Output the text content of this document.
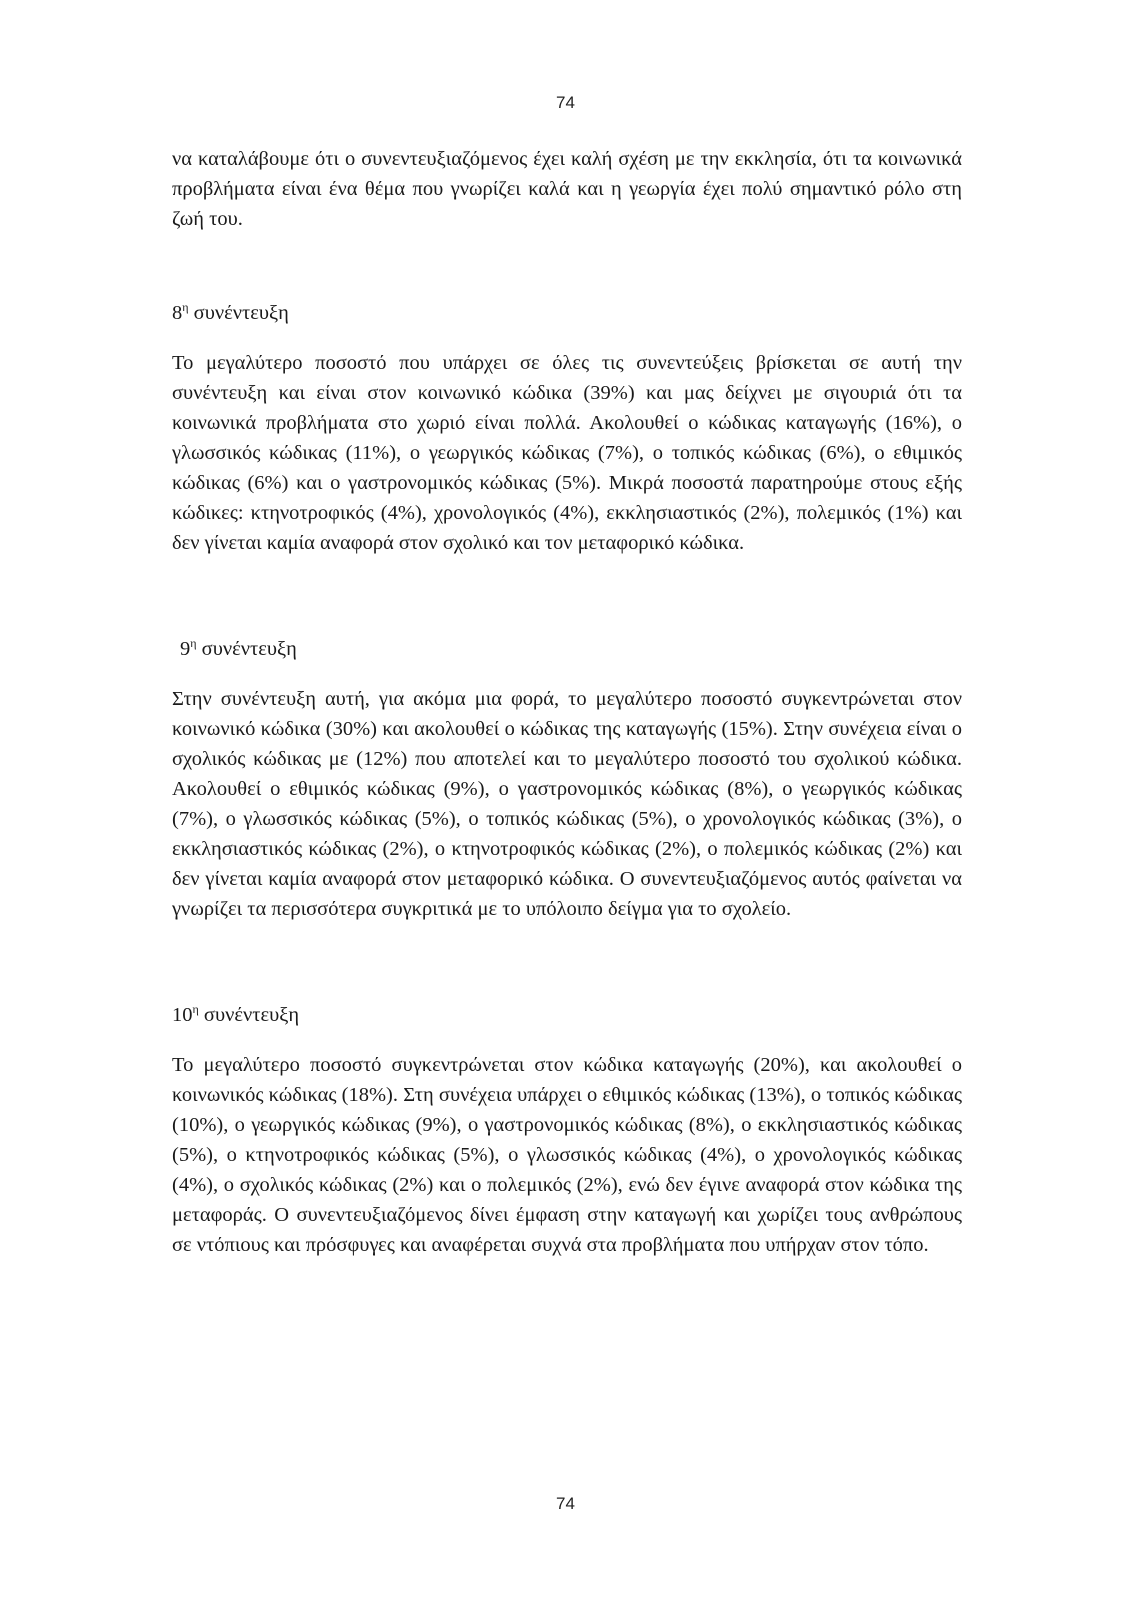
74

να καταλάβουμε ότι ο συνεντευξιαζόμενος έχει καλή σχέση με την εκκλησία, ότι τα κοινωνικά προβλήματα είναι ένα θέμα που γνωρίζει καλά και η γεωργία έχει πολύ σημαντικό ρόλο στη ζωή του.

$8^\eta$ συνέντευξη

Το μεγαλύτερο ποσοστό που υπάρχει σε όλες τις συνεντεύξεις βρίσκεται σε αυτή την συνέντευξη και είναι στον κοινωνικό κώδικα (39%) και μας δείχνει με σιγουριά ότι τα κοινωνικά προβλήματα στο χωριό είναι πολλά. Ακολουθεί ο κώδικας καταγωγής (16%), ο γλωσσικός κώδικας (11%), ο γεωργικός κώδικας (7%), ο τοπικός κώδικας (6%), ο εθιμικός κώδικας (6%) και ο γαστρονομικός κώδικας (5%). Μικρά ποσοστά παρατηρούμε στους εξής κώδικες: κτηνοτροφικός (4%), χρονολογικός (4%), εκκλησιαστικός (2%), πολεμικός (1%) και δεν γίνεται καμία αναφορά στον σχολικό και τον μεταφορικό κώδικα.

$9^\eta$ συνέντευξη

Στην συνέντευξη αυτή, για ακόμα μια φορά, το μεγαλύτερο ποσοστό συγκεντρώνεται στον κοινωνικό κώδικα (30%) και ακολουθεί ο κώδικας της καταγωγής (15%). Στην συνέχεια είναι ο σχολικός κώδικας με (12%) που αποτελεί και το μεγαλύτερο ποσοστό του σχολικού κώδικα. Ακολουθεί ο εθιμικός κώδικας (9%), ο γαστρονομικός κώδικας (8%), ο γεωργικός κώδικας (7%), ο γλωσσικός κώδικας (5%), ο τοπικός κώδικας (5%), ο χρονολογικός κώδικας (3%), ο εκκλησιαστικός κώδικας (2%), ο κτηνοτροφικός κώδικας (2%), ο πολεμικός κώδικας (2%) και δεν γίνεται καμία αναφορά στον μεταφορικό κώδικα. Ο συνεντευξιαζόμενος αυτός φαίνεται να γνωρίζει τα περισσότερα συγκριτικά με το υπόλοιπο δείγμα για το σχολείο.

$10^\eta$ συνέντευξη

Το μεγαλύτερο ποσοστό συγκεντρώνεται στον κώδικα καταγωγής (20%), και ακολουθεί ο κοινωνικός κώδικας (18%). Στη συνέχεια υπάρχει ο εθιμικός κώδικας (13%), ο τοπικός κώδικας (10%), ο γεωργικός κώδικας (9%), ο γαστρονομικός κώδικας (8%), ο εκκλησιαστικός κώδικας (5%), ο κτηνοτροφικός κώδικας (5%), ο γλωσσικός κώδικας (4%), ο χρονολογικός κώδικας (4%), ο σχολικός κώδικας (2%) και ο πολεμικός (2%), ενώ δεν έγινε αναφορά στον κώδικα της μεταφοράς. Ο συνεντευξιαζόμενος δίνει έμφαση στην καταγωγή και χωρίζει τους ανθρώπους σε ντόπιους και πρόσφυγες και αναφέρεται συχνά στα προβλήματα που υπήρχαν στον τόπο.

74
